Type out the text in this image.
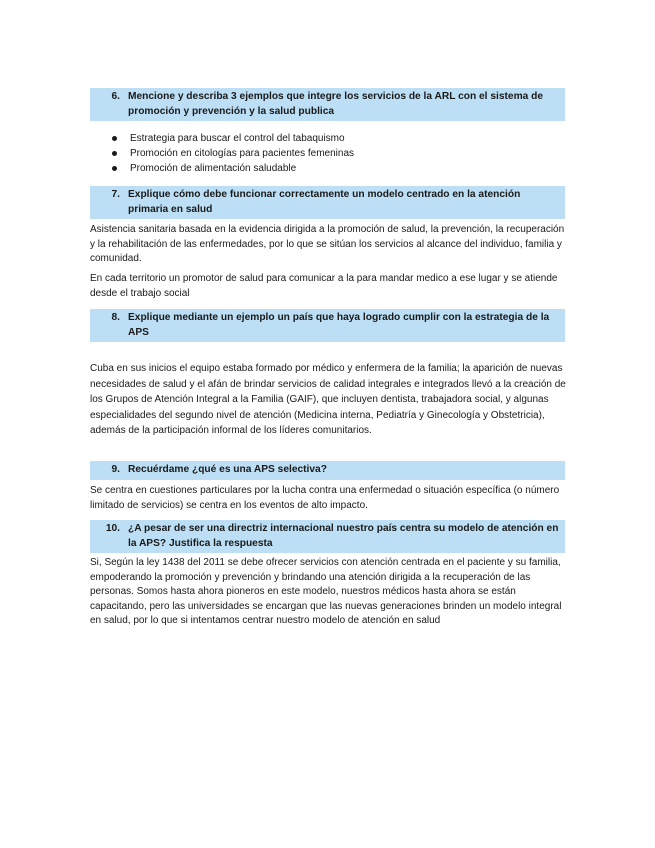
6. Mencione y describa 3 ejemplos que integre los servicios de la ARL con el sistema de promoción y prevención y la salud publica
Estrategia para buscar el control del tabaquismo
Promoción en citologías para pacientes femeninas
Promoción de alimentación saludable
7. Explique cómo debe funcionar correctamente un modelo centrado en la atención primaria en salud

Asistencia sanitaria basada en la evidencia dirigida a la promoción de salud, la prevención, la recuperación y la rehabilitación de las enfermedades, por lo que se sitúan los servicios al alcance del individuo, familia y comunidad.

En cada territorio un promotor de salud para comunicar a la para mandar medico a ese lugar y se atiende desde el trabajo social

8. Explique mediante un ejemplo un país que haya logrado cumplir con la estrategia de la APS

Cuba en sus inicios el equipo estaba formado por médico y enfermera de la familia; la aparición de nuevas necesidades de salud y el afán de brindar servicios de calidad integrales e integrados llevó a la creación de los Grupos de Atención Integral a la Familia (GAIF), que incluyen dentista, trabajadora social, y algunas especialidades del segundo nivel de atención (Medicina interna, Pediatría y Ginecología y Obstetricia), además de la participación informal de los líderes comunitarios.

9. Recuérdame ¿qué es una APS selectiva?

Se centra en cuestiones particulares por la lucha contra una enfermedad o situación específica (o número limitado de servicios) se centra en los eventos de alto impacto.

10. ¿A pesar de ser una directriz internacional nuestro país centra su modelo de atención en la APS? Justifica la respuesta

Si, Según la ley 1438 del 2011 se debe ofrecer servicios con atención centrada en el paciente y su familia, empoderando la promoción y prevención y brindando una atención dirigida a la recuperación de las personas. Somos hasta ahora pioneros en este modelo, nuestros médicos hasta ahora se están capacitando, pero las universidades se encargan que las nuevas generaciones brinden un modelo integral en salud, por lo que si intentamos centrar nuestro modelo de atención en salud
